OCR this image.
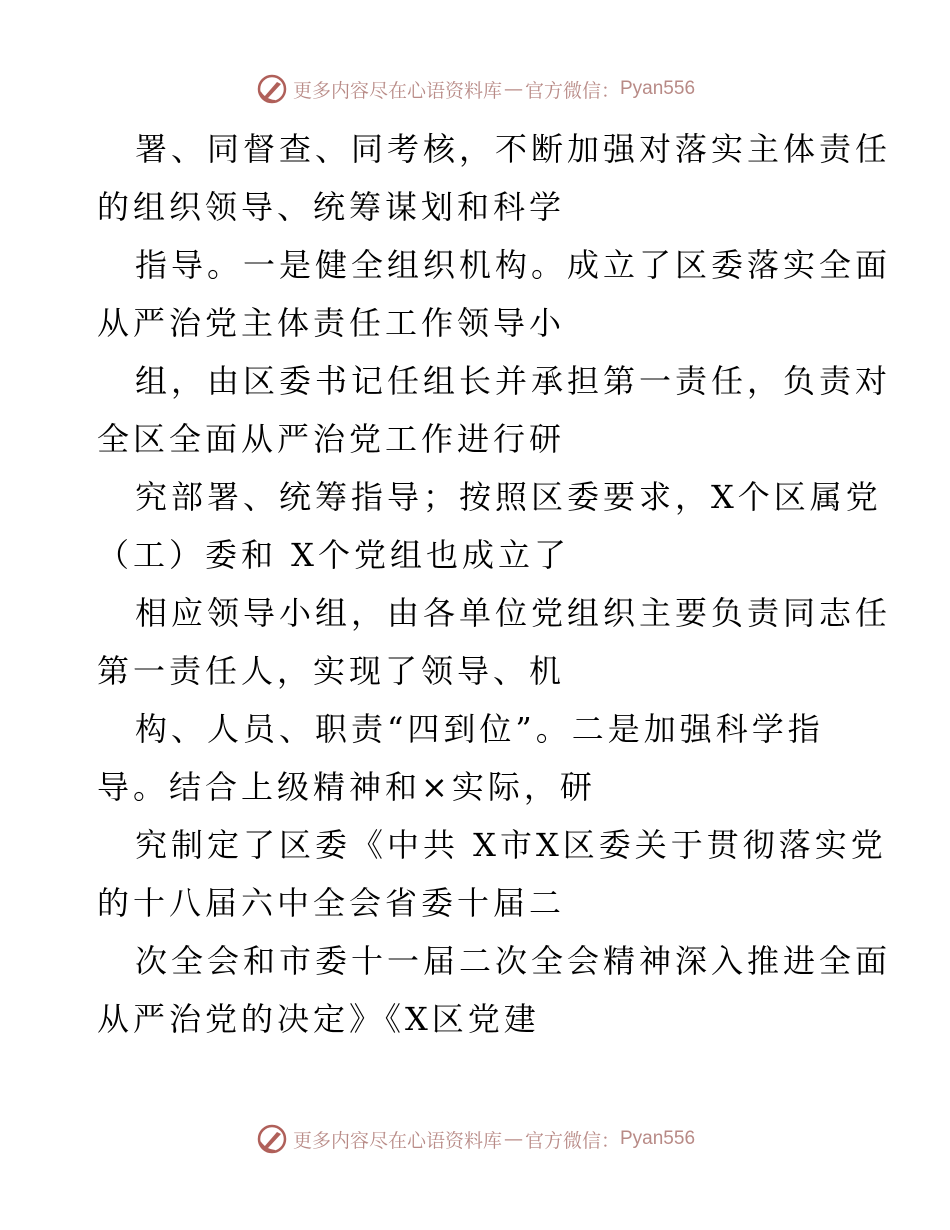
更多内容尽在心语资料库 — 官方微信： Pyan556
署、同督查、同考核，不断加强对落实主体责任
的组织领导、统筹谋划和科学
指导。一是健全组织机构。成立了区委落实全面
从严治党主体责任工作领导小
组，由区委书记任组长并承担第一责任，负责对
全区全面从严治党工作进行研
究部署、统筹指导；按照区委要求，X个区属党
（工）委和 X个党组也成立了
相应领导小组，由各单位党组织主要负责同志任
第一责任人，实现了领导、机
构、人员、职责“四到位”。二是加强科学指
导。结合上级精神和×实际，研
究制定了区委《中共 X市X区委关于贯彻落实党
的十八届六中全会省委十届二
次全会和市委十一届二次全会精神深入推进全面
从严治党的决定》《X区党建
更多内容尽在心语资料库 — 官方微信： Pyan556
